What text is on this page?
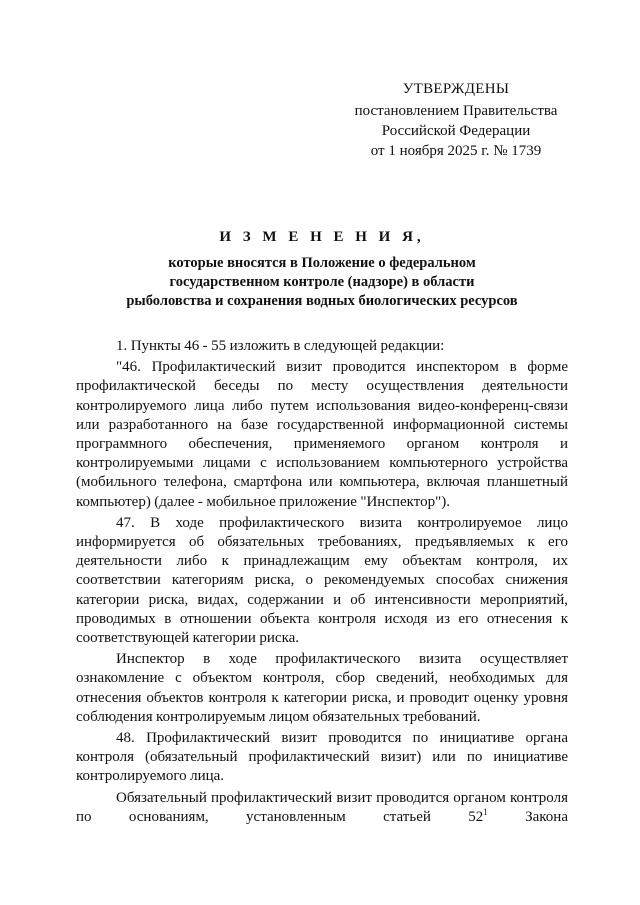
УТВЕРЖДЕНЫ
постановлением Правительства
Российской Федерации
от 1 ноября 2025 г. № 1739
И З М Е Н Е Н И Я,
которые вносятся в Положение о федеральном
государственном контроле (надзоре) в области
рыболовства и сохранения водных биологических ресурсов

1. Пункты 46 - 55 изложить в следующей редакции:

"46. Профилактический визит проводится инспектором в форме профилактической беседы по месту осуществления деятельности контролируемого лица либо путем использования видео-конференц-связи или разработанного на базе государственной информационной системы программного обеспечения, применяемого органом контроля и контролируемыми лицами с использованием компьютерного устройства (мобильного телефона, смартфона или компьютера, включая планшетный компьютер) (далее - мобильное приложение "Инспектор").

47. В ходе профилактического визита контролируемое лицо информируется об обязательных требованиях, предъявляемых к его деятельности либо к принадлежащим ему объектам контроля, их соответствии категориям риска, о рекомендуемых способах снижения категории риска, видах, содержании и об интенсивности мероприятий, проводимых в отношении объекта контроля исходя из его отнесения к соответствующей категории риска.

Инспектор в ходе профилактического визита осуществляет ознакомление с объектом контроля, сбор сведений, необходимых для отнесения объектов контроля к категории риска, и проводит оценку уровня соблюдения контролируемым лицом обязательных требований.

48. Профилактический визит проводится по инициативе органа контроля (обязательный профилактический визит) или по инициативе контролируемого лица.

Обязательный профилактический визит проводится органом контроля по основаниям, установленным статьей $52^1$ Закона
